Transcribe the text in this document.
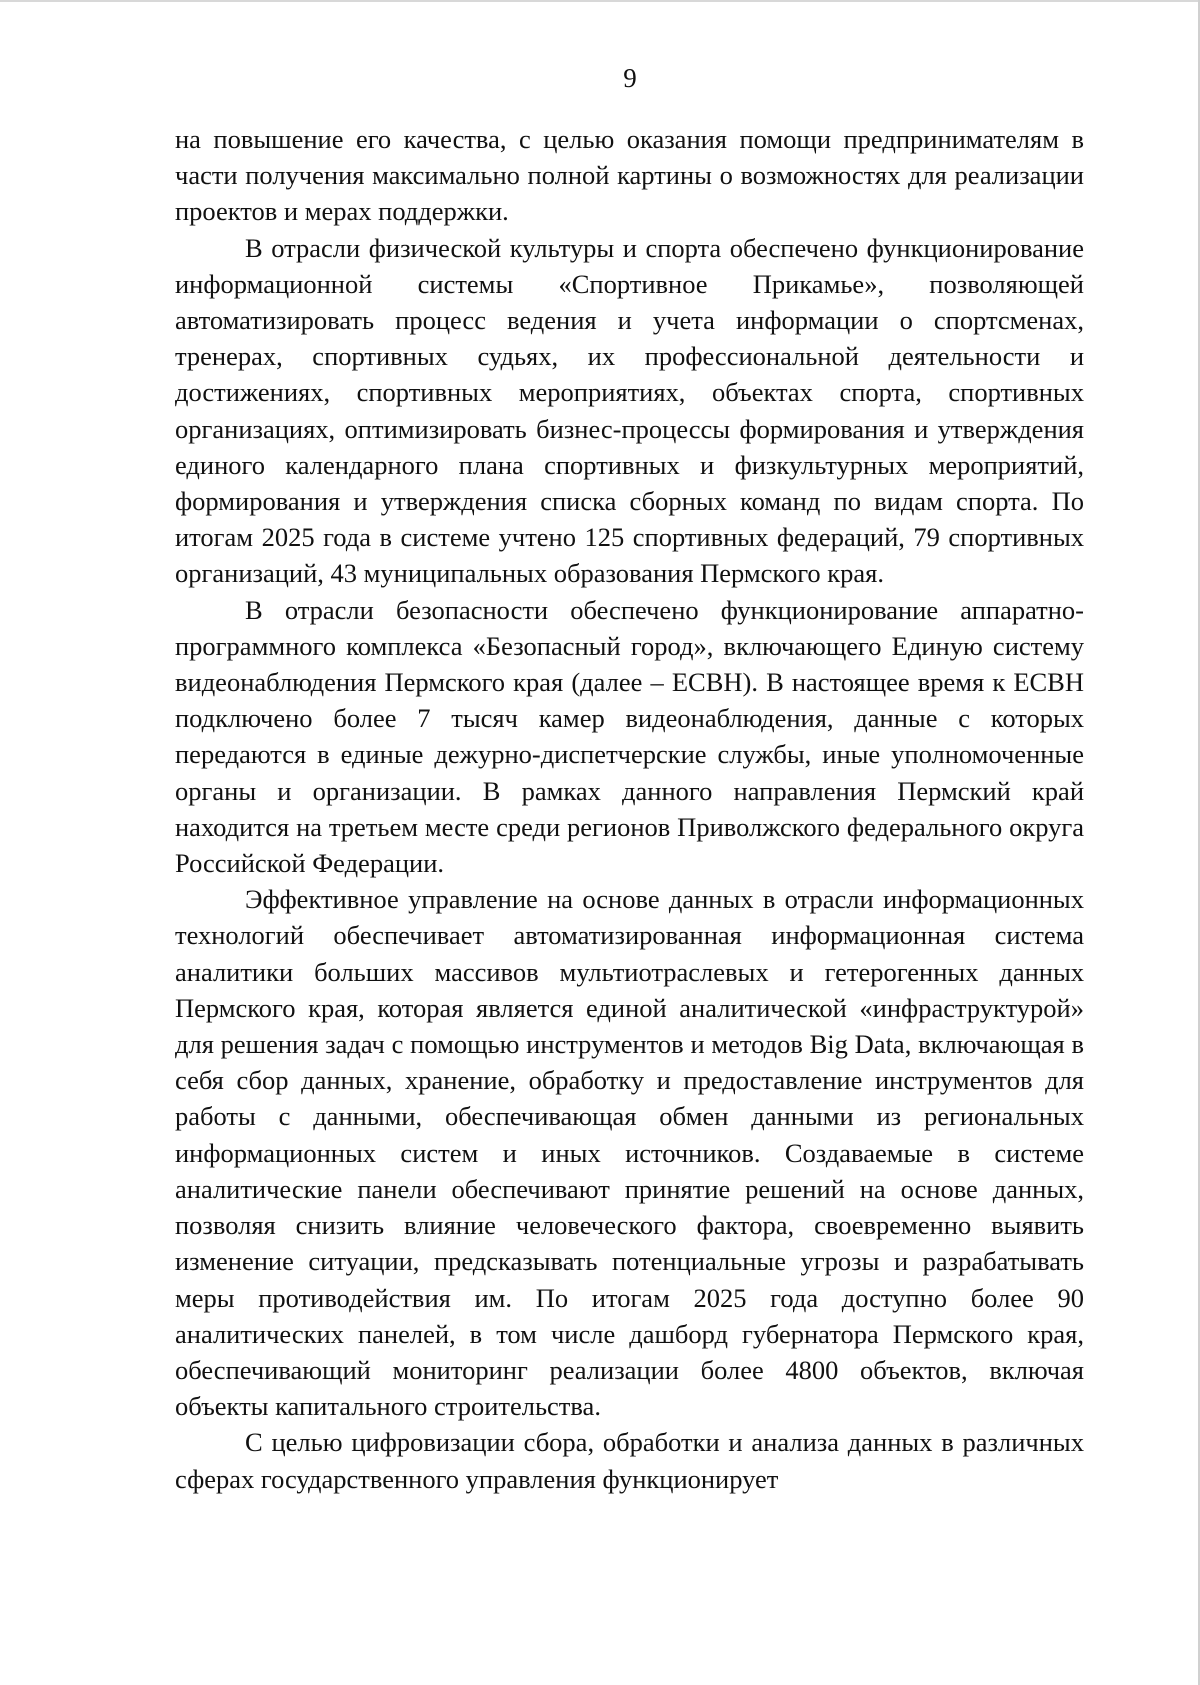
9

на повышение его качества, с целью оказания помощи предпринимателям в части получения максимально полной картины о возможностях для реализации проектов и мерах поддержки.

В отрасли физической культуры и спорта обеспечено функционирование информационной системы «Спортивное Прикамье», позволяющей автоматизировать процесс ведения и учета информации о спортсменах, тренерах, спортивных судьях, их профессиональной деятельности и достижениях, спортивных мероприятиях, объектах спорта, спортивных организациях, оптимизировать бизнес-процессы формирования и утверждения единого календарного плана спортивных и физкультурных мероприятий, формирования и утверждения списка сборных команд по видам спорта. По итогам 2025 года в системе учтено 125 спортивных федераций, 79 спортивных организаций, 43 муниципальных образования Пермского края.

В отрасли безопасности обеспечено функционирование аппаратно-программного комплекса «Безопасный город», включающего Единую систему видеонаблюдения Пермского края (далее – ЕСВН). В настоящее время к ЕСВН подключено более 7 тысяч камер видеонаблюдения, данные с которых передаются в единые дежурно-диспетчерские службы, иные уполномоченные органы и организации. В рамках данного направления Пермский край находится на третьем месте среди регионов Приволжского федерального округа Российской Федерации.

Эффективное управление на основе данных в отрасли информационных технологий обеспечивает автоматизированная информационная система аналитики больших массивов мультиотраслевых и гетерогенных данных Пермского края, которая является единой аналитической «инфраструктурой» для решения задач с помощью инструментов и методов Big Data, включающая в себя сбор данных, хранение, обработку и предоставление инструментов для работы с данными, обеспечивающая обмен данными из региональных информационных систем и иных источников. Создаваемые в системе аналитические панели обеспечивают принятие решений на основе данных, позволяя снизить влияние человеческого фактора, своевременно выявить изменение ситуации, предсказывать потенциальные угрозы и разрабатывать меры противодействия им. По итогам 2025 года доступно более 90 аналитических панелей, в том числе дашборд губернатора Пермского края, обеспечивающий мониторинг реализации более 4800 объектов, включая объекты капитального строительства.

С целью цифровизации сбора, обработки и анализа данных в различных сферах государственного управления функционирует
